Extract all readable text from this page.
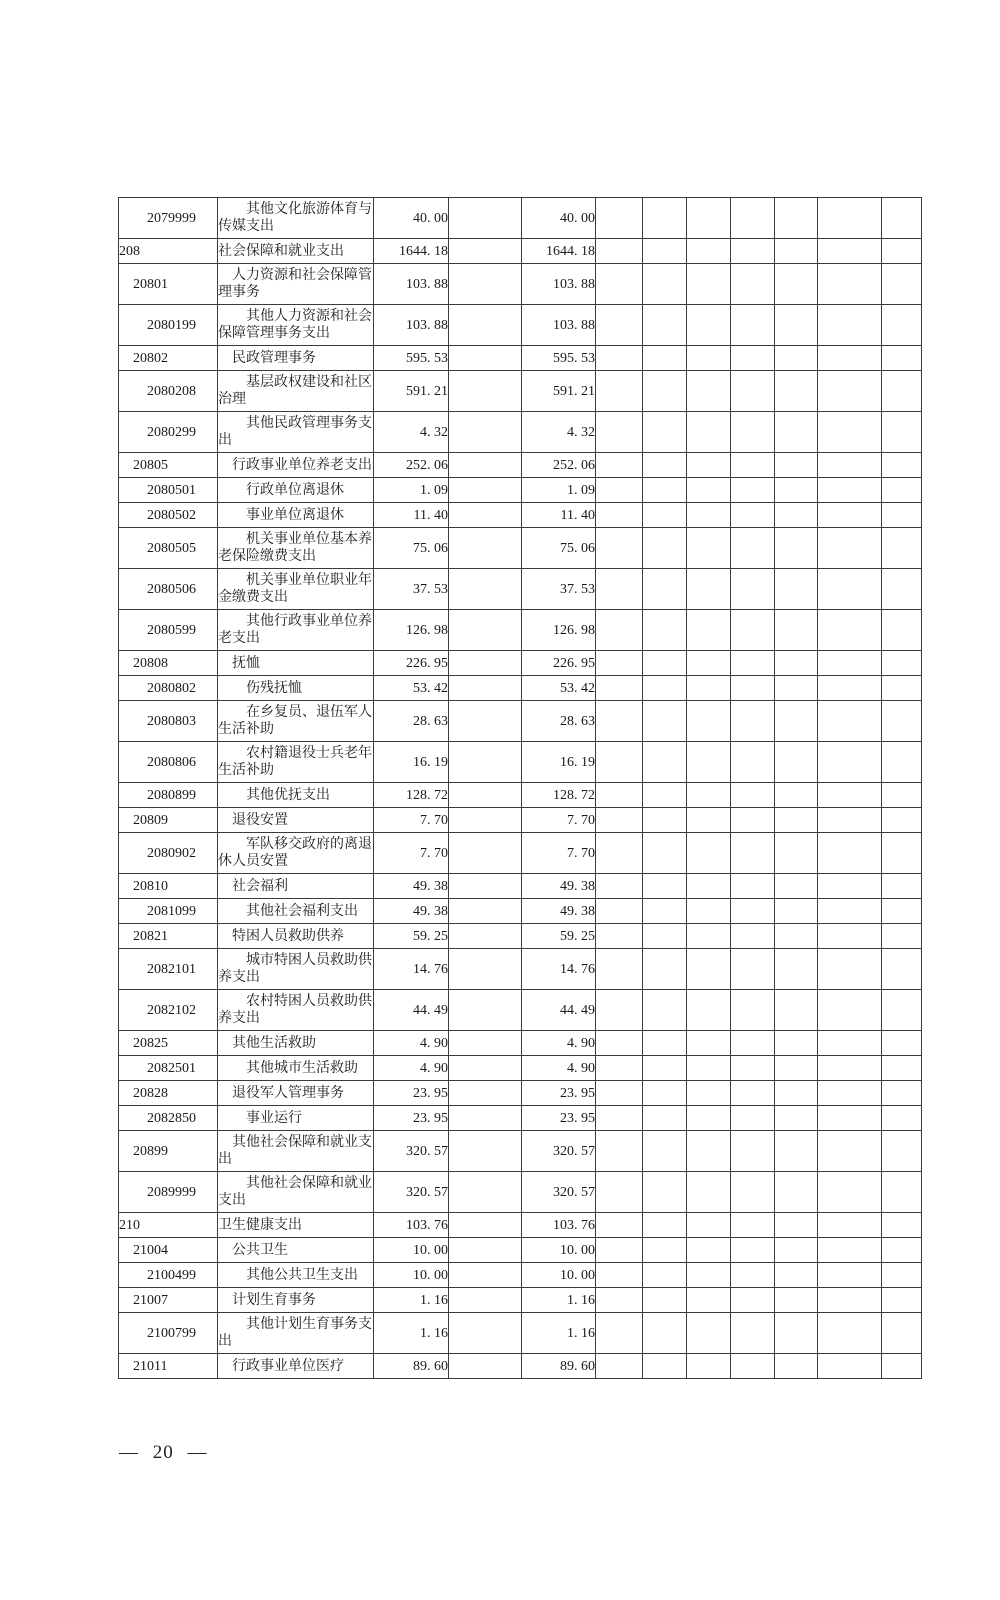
2079999	其他文化旅游体育与传媒支出	40. 00		40. 00							
208	社会保障和就业支出	1644. 18		1644. 18							
20801	人力资源和社会保障管理事务	103. 88		103. 88							
2080199	其他人力资源和社会保障管理事务支出	103. 88		103. 88							
20802	民政管理事务	595. 53		595. 53							
2080208	基层政权建设和社区治理	591. 21		591. 21							
2080299	其他民政管理事务支出	4. 32		4. 32							
20805	行政事业单位养老支出	252. 06		252. 06							
2080501	行政单位离退休	1. 09		1. 09							
2080502	事业单位离退休	11. 40		11. 40							
2080505	机关事业单位基本养老保险缴费支出	75. 06		75. 06							
2080506	机关事业单位职业年金缴费支出	37. 53		37. 53							
2080599	其他行政事业单位养老支出	126. 98		126. 98							
20808	抚恤	226. 95		226. 95							
2080802	伤残抚恤	53. 42		53. 42							
2080803	在乡复员、退伍军人生活补助	28. 63		28. 63							
2080806	农村籍退役士兵老年生活补助	16. 19		16. 19							
2080899	其他优抚支出	128. 72		128. 72							
20809	退役安置	7. 70		7. 70							
2080902	军队移交政府的离退休人员安置	7. 70		7. 70							
20810	社会福利	49. 38		49. 38							
2081099	其他社会福利支出	49. 38		49. 38							
20821	特困人员救助供养	59. 25		59. 25							
2082101	城市特困人员救助供养支出	14. 76		14. 76							
2082102	农村特困人员救助供养支出	44. 49		44. 49							
20825	其他生活救助	4. 90		4. 90							
2082501	其他城市生活救助	4. 90		4. 90							
20828	退役军人管理事务	23. 95		23. 95							
2082850	事业运行	23. 95		23. 95							
20899	其他社会保障和就业支出	320. 57		320. 57							
2089999	其他社会保障和就业支出	320. 57		320. 57							
210	卫生健康支出	103. 76		103. 76							
21004	公共卫生	10. 00		10. 00							
2100499	其他公共卫生支出	10. 00		10. 00							
21007	计划生育事务	1. 16		1. 16							
2100799	其他计划生育事务支出	1. 16		1. 16							
21011	行政事业单位医疗	89. 60		89. 60							
— 20 —
